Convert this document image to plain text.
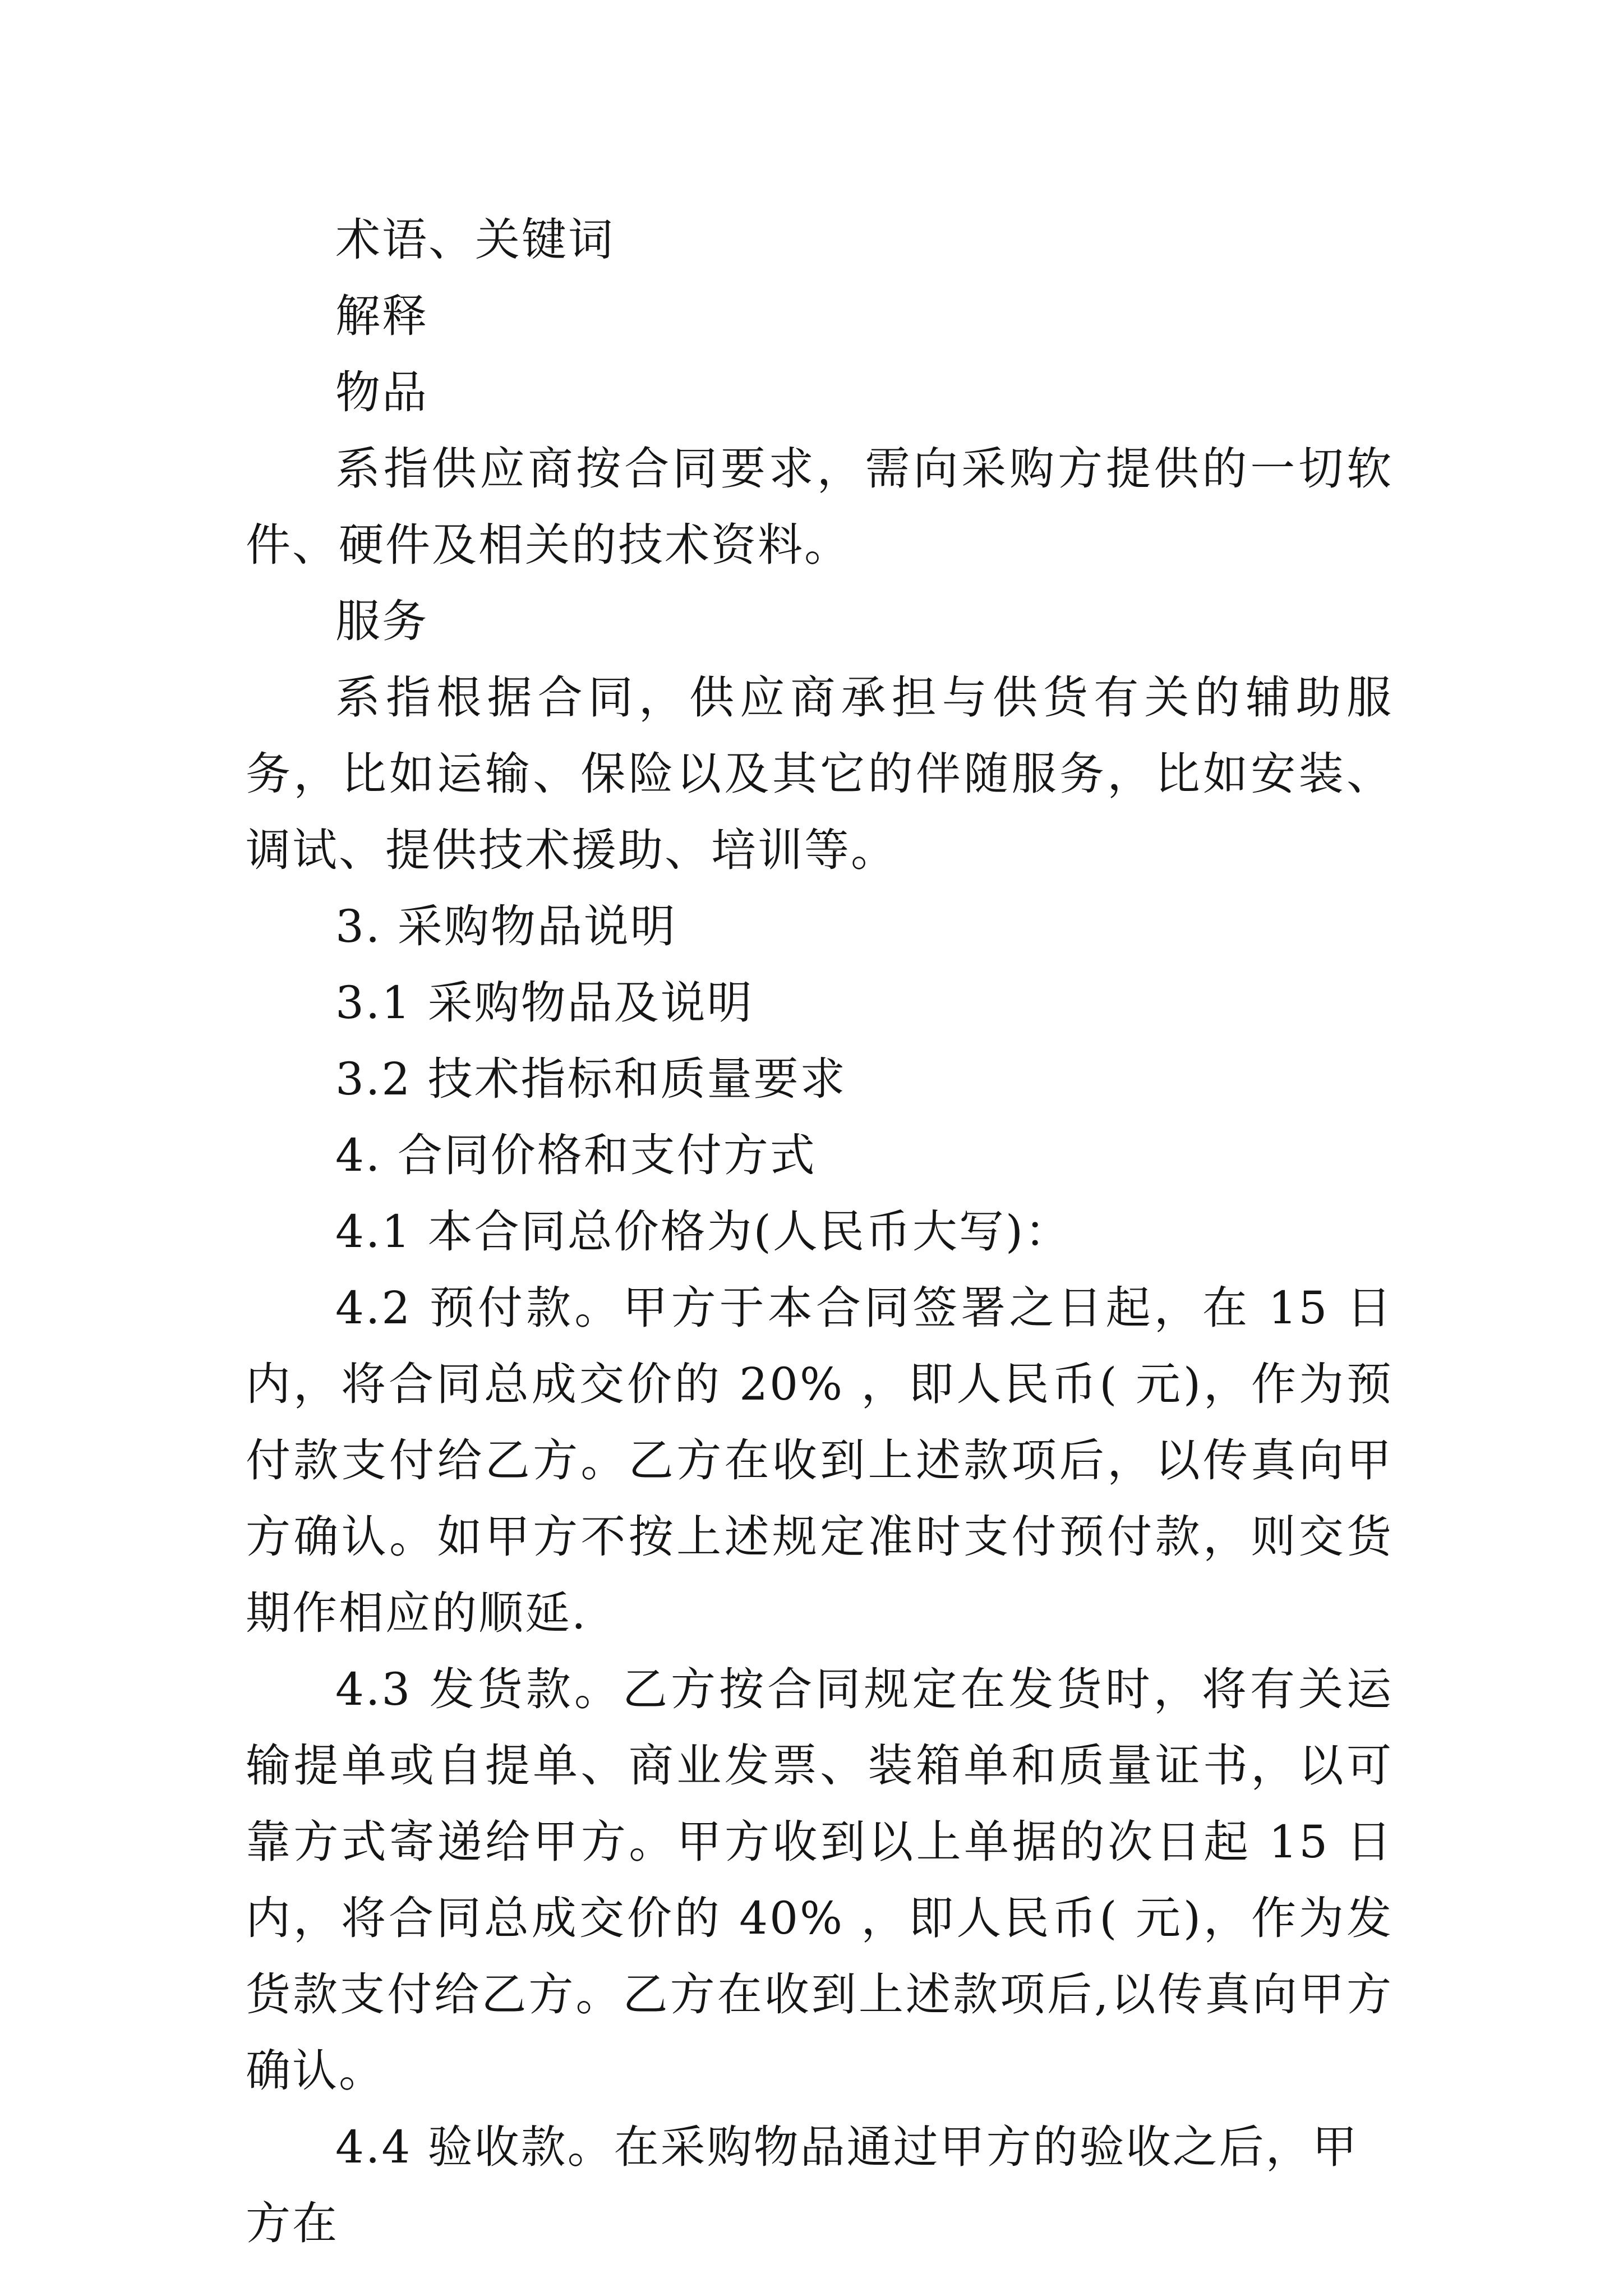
术语、关键词

解释

物品

系指供应商按合同要求，需向采购方提供的一切软件、硬件及相关的技术资料。

服务

系指根据合同，供应商承担与供货有关的辅助服务，比如运输、保险以及其它的伴随服务，比如安装、调试、提供技术援助、培训等。

3. 采购物品说明

3.1 采购物品及说明

3.2 技术指标和质量要求

4. 合同价格和支付方式

4.1 本合同总价格为(人民币大写)：

4.2 预付款。甲方于本合同签署之日起，在 15 日内，将合同总成交价的 20% ，即人民币( 元)，作为预付款支付给乙方。乙方在收到上述款项后，以传真向甲方确认。如甲方不按上述规定准时支付预付款，则交货期作相应的顺延.

4.3 发货款。乙方按合同规定在发货时，将有关运输提单或自提单、商业发票、装箱单和质量证书，以可靠方式寄递给甲方。甲方收到以上单据的次日起 15 日内，将合同总成交价的 40% ，即人民币( 元)，作为发货款支付给乙方。乙方在收到上述款项后,以传真向甲方确认。

4.4 验收款。在采购物品通过甲方的验收之后，甲方在
